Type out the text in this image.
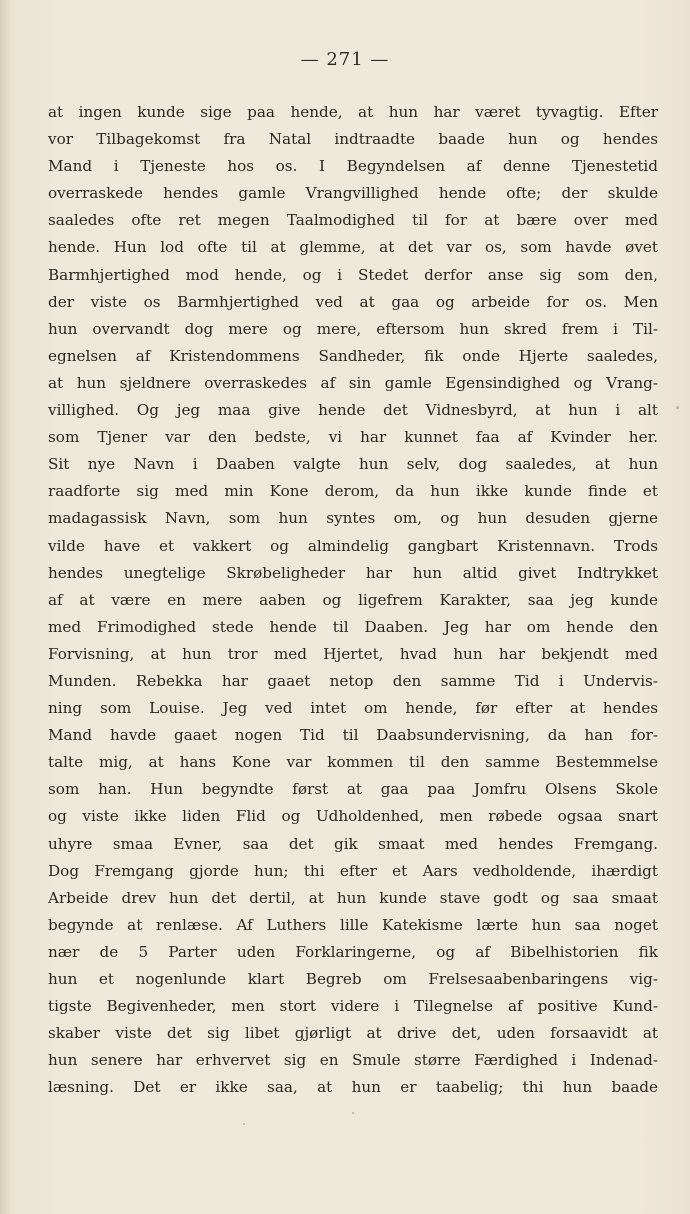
— 271 —
at ingen kunde sige paa hende, at hun har været tyvagtig. Efter
vor Tilbagekomst fra Natal indtraadte baade hun og hendes
Mand i Tjeneste hos os. I Begyndelsen af denne Tjenestetid
overraskede hendes gamle Vrangvillighed hende ofte; der skulde
saaledes ofte ret megen Taalmodighed til for at bære over med
hende. Hun lod ofte til at glemme, at det var os, som havde øvet
Barmhjertighed mod hende, og i Stedet derfor anse sig som den,
der viste os Barmhjertighed ved at gaa og arbeide for os. Men
hun overvandt dog mere og mere, eftersom hun skred frem i Til-
egnelsen af Kristendommens Sandheder, fik onde Hjerte saaledes,
at hun sjeldnere overraskedes af sin gamle Egensindighed og Vrang-
villighed. Og jeg maa give hende det Vidnesbyrd, at hun i alt
som Tjener var den bedste, vi har kunnet faa af Kvinder her.
Sit nye Navn i Daaben valgte hun selv, dog saaledes, at hun
raadforte sig med min Kone derom, da hun ikke kunde finde et
madagassisk Navn, som hun syntes om, og hun desuden gjerne
vilde have et vakkert og almindelig gangbart Kristennavn. Trods
hendes unegtelige Skrøbeligheder har hun altid givet Indtrykket
af at være en mere aaben og ligefrem Karakter, saa jeg kunde
med Frimodighed stede hende til Daaben. Jeg har om hende den
Forvisning, at hun tror med Hjertet, hvad hun har bekjendt med
Munden. Rebekka har gaaet netop den samme Tid i Undervis-
ning som Louise. Jeg ved intet om hende, før efter at hendes
Mand havde gaaet nogen Tid til Daabsundervisning, da han for-
talte mig, at hans Kone var kommen til den samme Bestemmelse
som han. Hun begyndte først at gaa paa Jomfru Olsens Skole
og viste ikke liden Flid og Udholdenhed, men røbede ogsaa snart
uhyre smaa Evner, saa det gik smaat med hendes Fremgang.
Dog Fremgang gjorde hun; thi efter et Aars vedholdende, ihærdigt
Arbeide drev hun det dertil, at hun kunde stave godt og saa smaat
begynde at renlæse. Af Luthers lille Katekisme lærte hun saa noget
nær de 5 Parter uden Forklaringerne, og af Bibelhistorien fik
hun et nogenlunde klart Begreb om Frelsesaabenbaringens vig-
tigste Begivenheder, men stort videre i Tilegnelse af positive Kund-
skaber viste det sig libet gjørligt at drive det, uden forsaavidt at
hun senere har erhvervet sig en Smule større Færdighed i Indenad-
læsning. Det er ikke saa, at hun er taabelig; thi hun baade
